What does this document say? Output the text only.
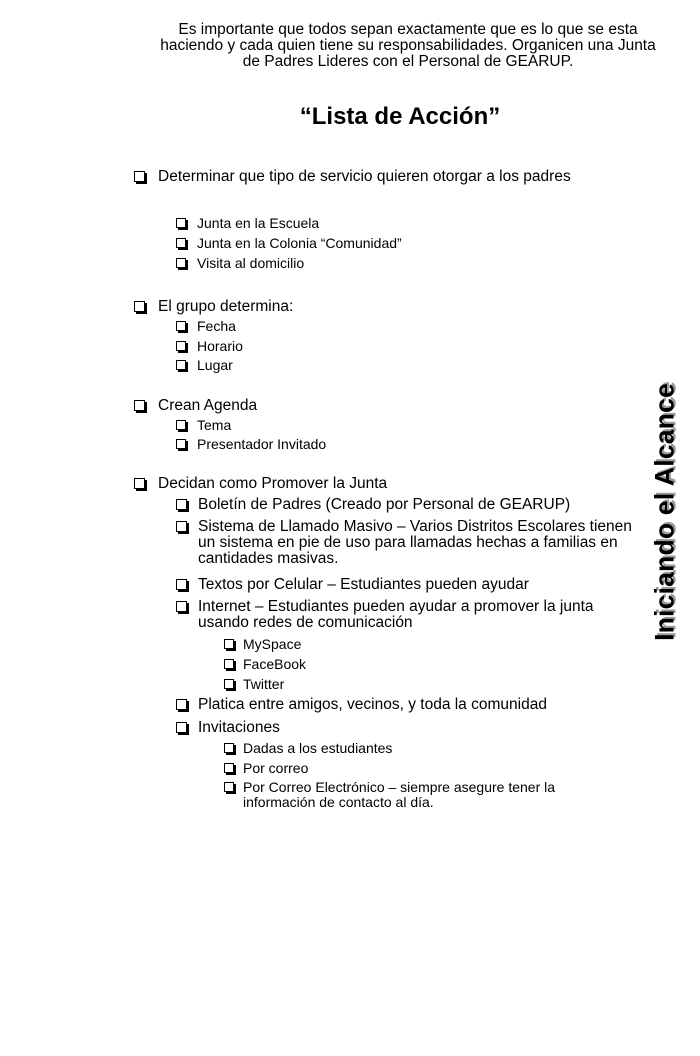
Es importante que todos sepan exactamente que es lo que se esta haciendo y cada quien tiene su responsabilidades. Organicen una Junta de Padres Lideres con el Personal de GEARUP.
“Lista de Acción”
Determinar que tipo de servicio quieren otorgar a los padres
Junta en la Escuela
Junta en la Colonia “Comunidad”
Visita al domicilio
El grupo determina:
Fecha
Horario
Lugar
Crean Agenda
Tema
Presentador Invitado
Decidan como Promover la Junta
Boletín de Padres (Creado por Personal de GEARUP)
Sistema de Llamado Masivo – Varios Distritos Escolares tienen un sistema en pie de uso para llamadas hechas a familias en cantidades masivas.
Textos por Celular – Estudiantes pueden ayudar
Internet – Estudiantes pueden ayudar a promover la junta usando redes de comunicación
MySpace
FaceBook
Twitter
Platica entre amigos, vecinos, y toda la comunidad
Invitaciones
Dadas a los estudiantes
Por correo
Por Correo Electrónico – siempre asegure tener la información de contacto al día.
Iniciando el Alcance
